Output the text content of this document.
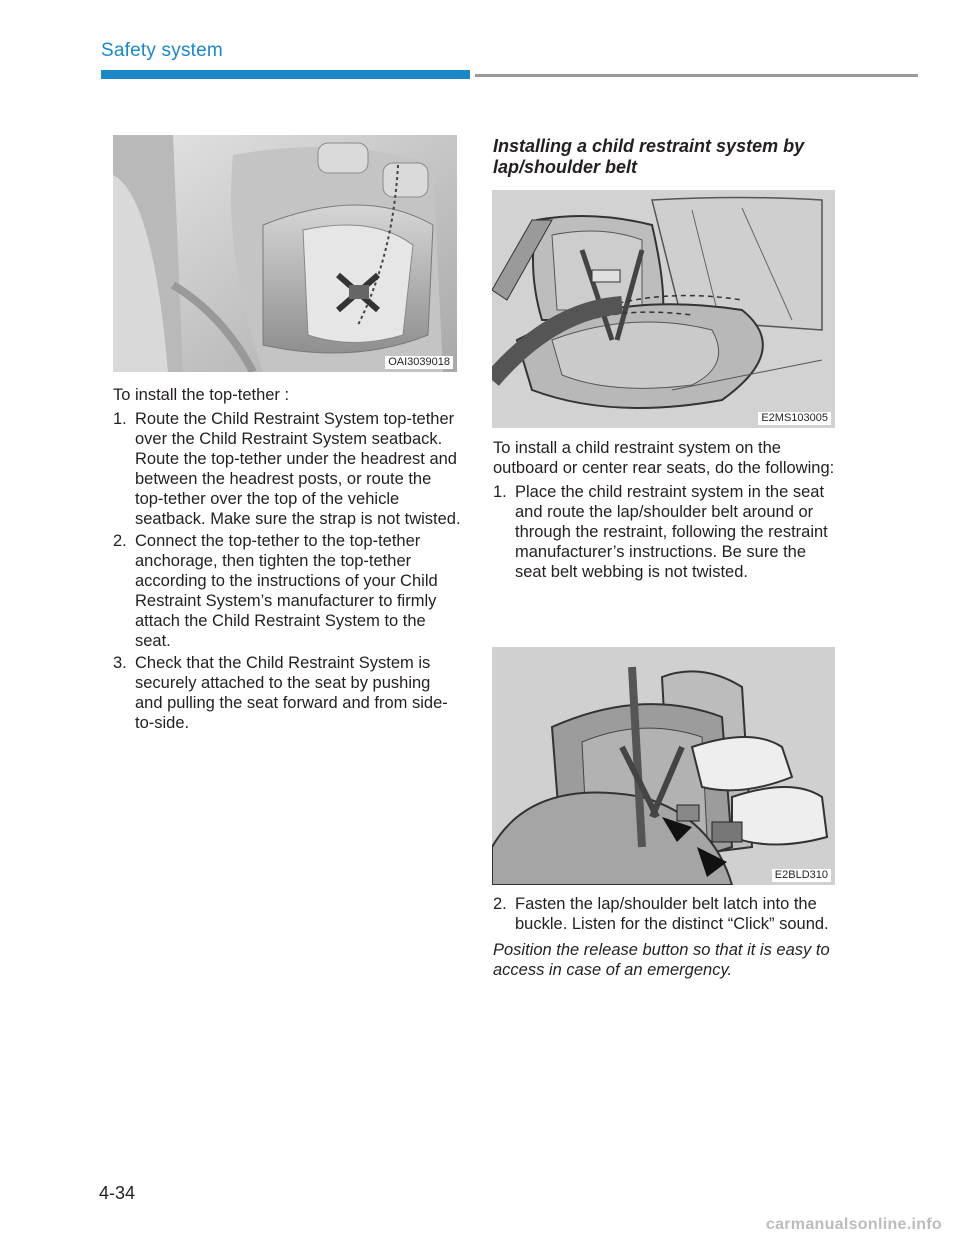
Safety system
OAI3039018

To install the top-tether :

1. Route the Child Restraint System top-tether over the Child Restraint System seatback. Route the top-tether under the headrest and between the headrest posts, or route the top-tether over the top of the vehicle seatback. Make sure the strap is not twisted.
2. Connect the top-tether to the top-tether anchorage, then tighten the top-tether according to the instructions of your Child Restraint System’s manufacturer to firmly attach the Child Restraint System to the seat.
3. Check that the Child Restraint System is securely attached to the seat by pushing and pulling the seat forward and from side-to-side.
Installing a child restraint system by lap/shoulder belt
E2MS103005

To install a child restraint system on the outboard or center rear seats, do the following:

1. Place the child restraint system in the seat and route the lap/shoulder belt around or through the restraint, following the restraint manufacturer’s instructions. Be sure the seat belt webbing is not twisted.
E2BLD310
2. Fasten the lap/shoulder belt latch into the buckle. Listen for the distinct “Click” sound.

Position the release button so that it is easy to access in case of an emergency.

4-34
carmanualsonline.info
